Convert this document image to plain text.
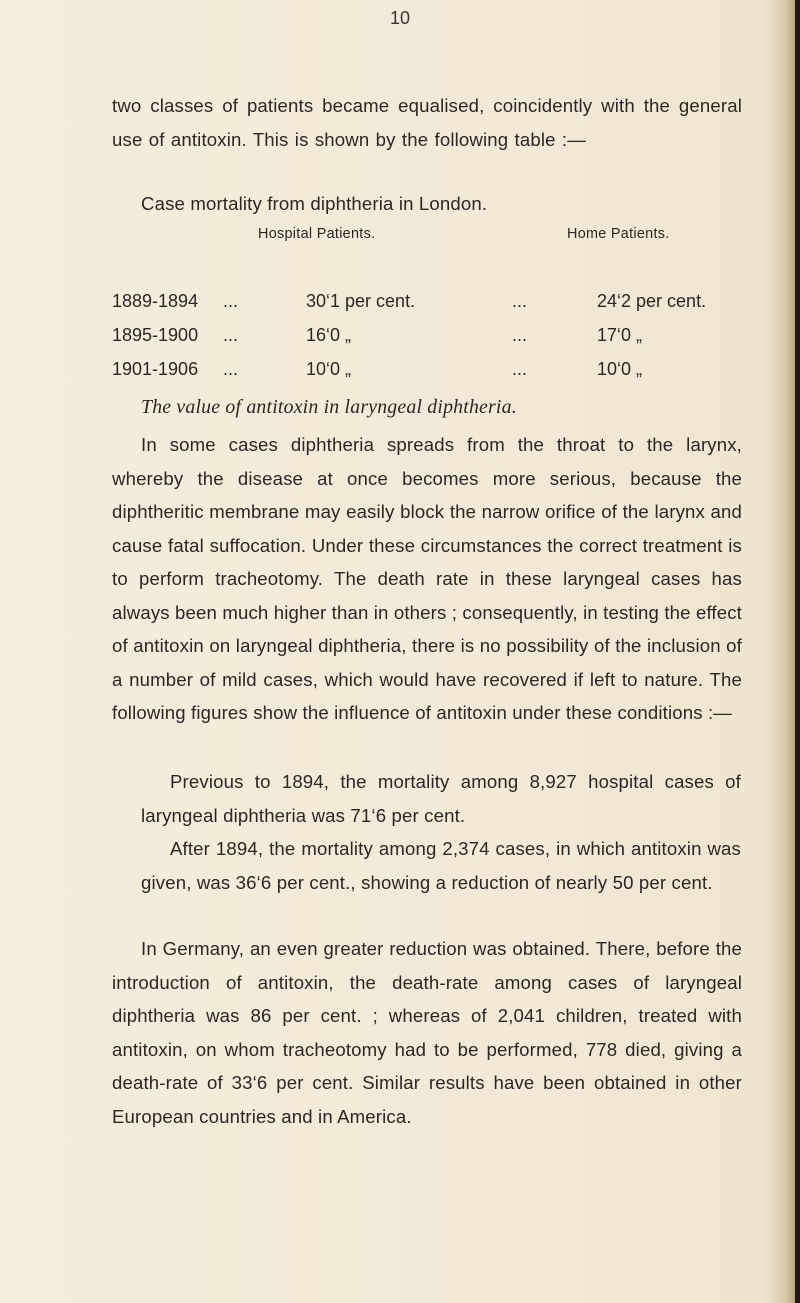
10
two classes of patients became equalised, coincidently with the general use of antitoxin. This is shown by the following table :—
Case mortality from diphtheria in London.
Hospital Patients.	Home Patients.
1889-1894 ...	30‘1 per cent.	...	24‘2 per cent.
1895-1900 ...	16‘0 „	...	17‘0 „
1901-1906 ...	10‘0 „	...	10‘0 „
The value of antitoxin in laryngeal diphtheria.
In some cases diphtheria spreads from the throat to the larynx, whereby the disease at once becomes more serious, because the diphtheritic membrane may easily block the narrow orifice of the larynx and cause fatal suffocation. Under these circumstances the correct treatment is to perform tracheotomy. The death rate in these laryngeal cases has always been much higher than in others ; consequently, in testing the effect of antitoxin on laryngeal diphtheria, there is no possibility of the inclusion of a number of mild cases, which would have recovered if left to nature. The following figures show the influence of antitoxin under these conditions :—
Previous to 1894, the mortality among 8,927 hospital cases of laryngeal diphtheria was 71‘6 per cent.
After 1894, the mortality among 2,374 cases, in which antitoxin was given, was 36‘6 per cent., showing a reduction of nearly 50 per cent.
In Germany, an even greater reduction was obtained. There, before the introduction of antitoxin, the death-rate among cases of laryngeal diphtheria was 86 per cent. ; whereas of 2,041 children, treated with antitoxin, on whom tracheotomy had to be performed, 778 died, giving a death-rate of 33‘6 per cent. Similar results have been obtained in other European countries and in America.
